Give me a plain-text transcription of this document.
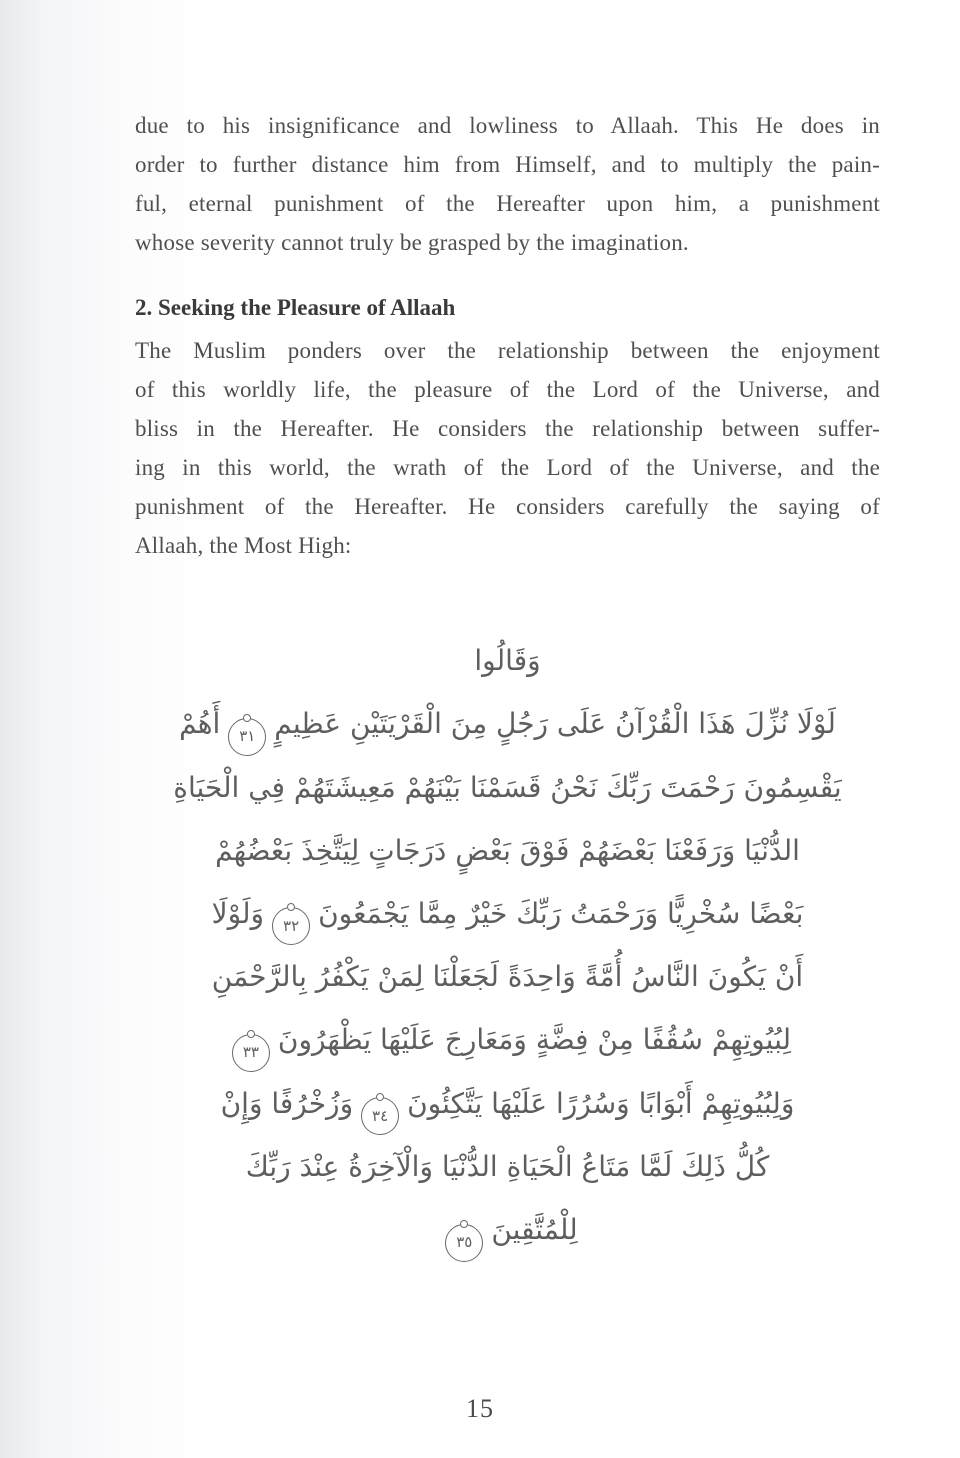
due to his insignificance and lowliness to Allaah. This He does in
order to further distance him from Himself, and to multiply the pain-
ful, eternal punishment of the Hereafter upon him, a punishment
whose severity cannot truly be grasped by the imagination.
2. Seeking the Pleasure of Allaah
The Muslim ponders over the relationship between the enjoyment
of this worldly life, the pleasure of the Lord of the Universe, and
bliss in the Hereafter. He considers the relationship between suffer-
ing in this world, the wrath of the Lord of the Universe, and the
punishment of the Hereafter. He considers carefully the saying of
Allaah, the Most High:
وَقَالُوا
لَوْلَا نُزِّلَ هَذَا الْقُرْآنُ عَلَى رَجُلٍ مِنَ الْقَرْيَتَيْنِ عَظِيمٍ
٣١
أَهُمْ
يَقْسِمُونَ رَحْمَتَ رَبِّكَ نَحْنُ قَسَمْنَا بَيْنَهُمْ مَعِيشَتَهُمْ فِي الْحَيَاةِ
الدُّنْيَا وَرَفَعْنَا بَعْضَهُمْ فَوْقَ بَعْضٍ دَرَجَاتٍ لِيَتَّخِذَ بَعْضُهُمْ
بَعْضًا سُخْرِيًّا وَرَحْمَتُ رَبِّكَ خَيْرٌ مِمَّا يَجْمَعُونَ
٣٢
وَلَوْلَا
أَنْ يَكُونَ النَّاسُ أُمَّةً وَاحِدَةً لَجَعَلْنَا لِمَنْ يَكْفُرُ بِالرَّحْمَنِ
لِبُيُوتِهِمْ سُقُفًا مِنْ فِضَّةٍ وَمَعَارِجَ عَلَيْهَا يَظْهَرُونَ
٣٣
وَلِبُيُوتِهِمْ أَبْوَابًا وَسُرُرًا عَلَيْهَا يَتَّكِئُونَ
٣٤
وَزُخْرُفًا وَإِنْ
كُلُّ ذَلِكَ لَمَّا مَتَاعُ الْحَيَاةِ الدُّنْيَا وَالْآخِرَةُ عِنْدَ رَبِّكَ
لِلْمُتَّقِينَ
٣٥
15
